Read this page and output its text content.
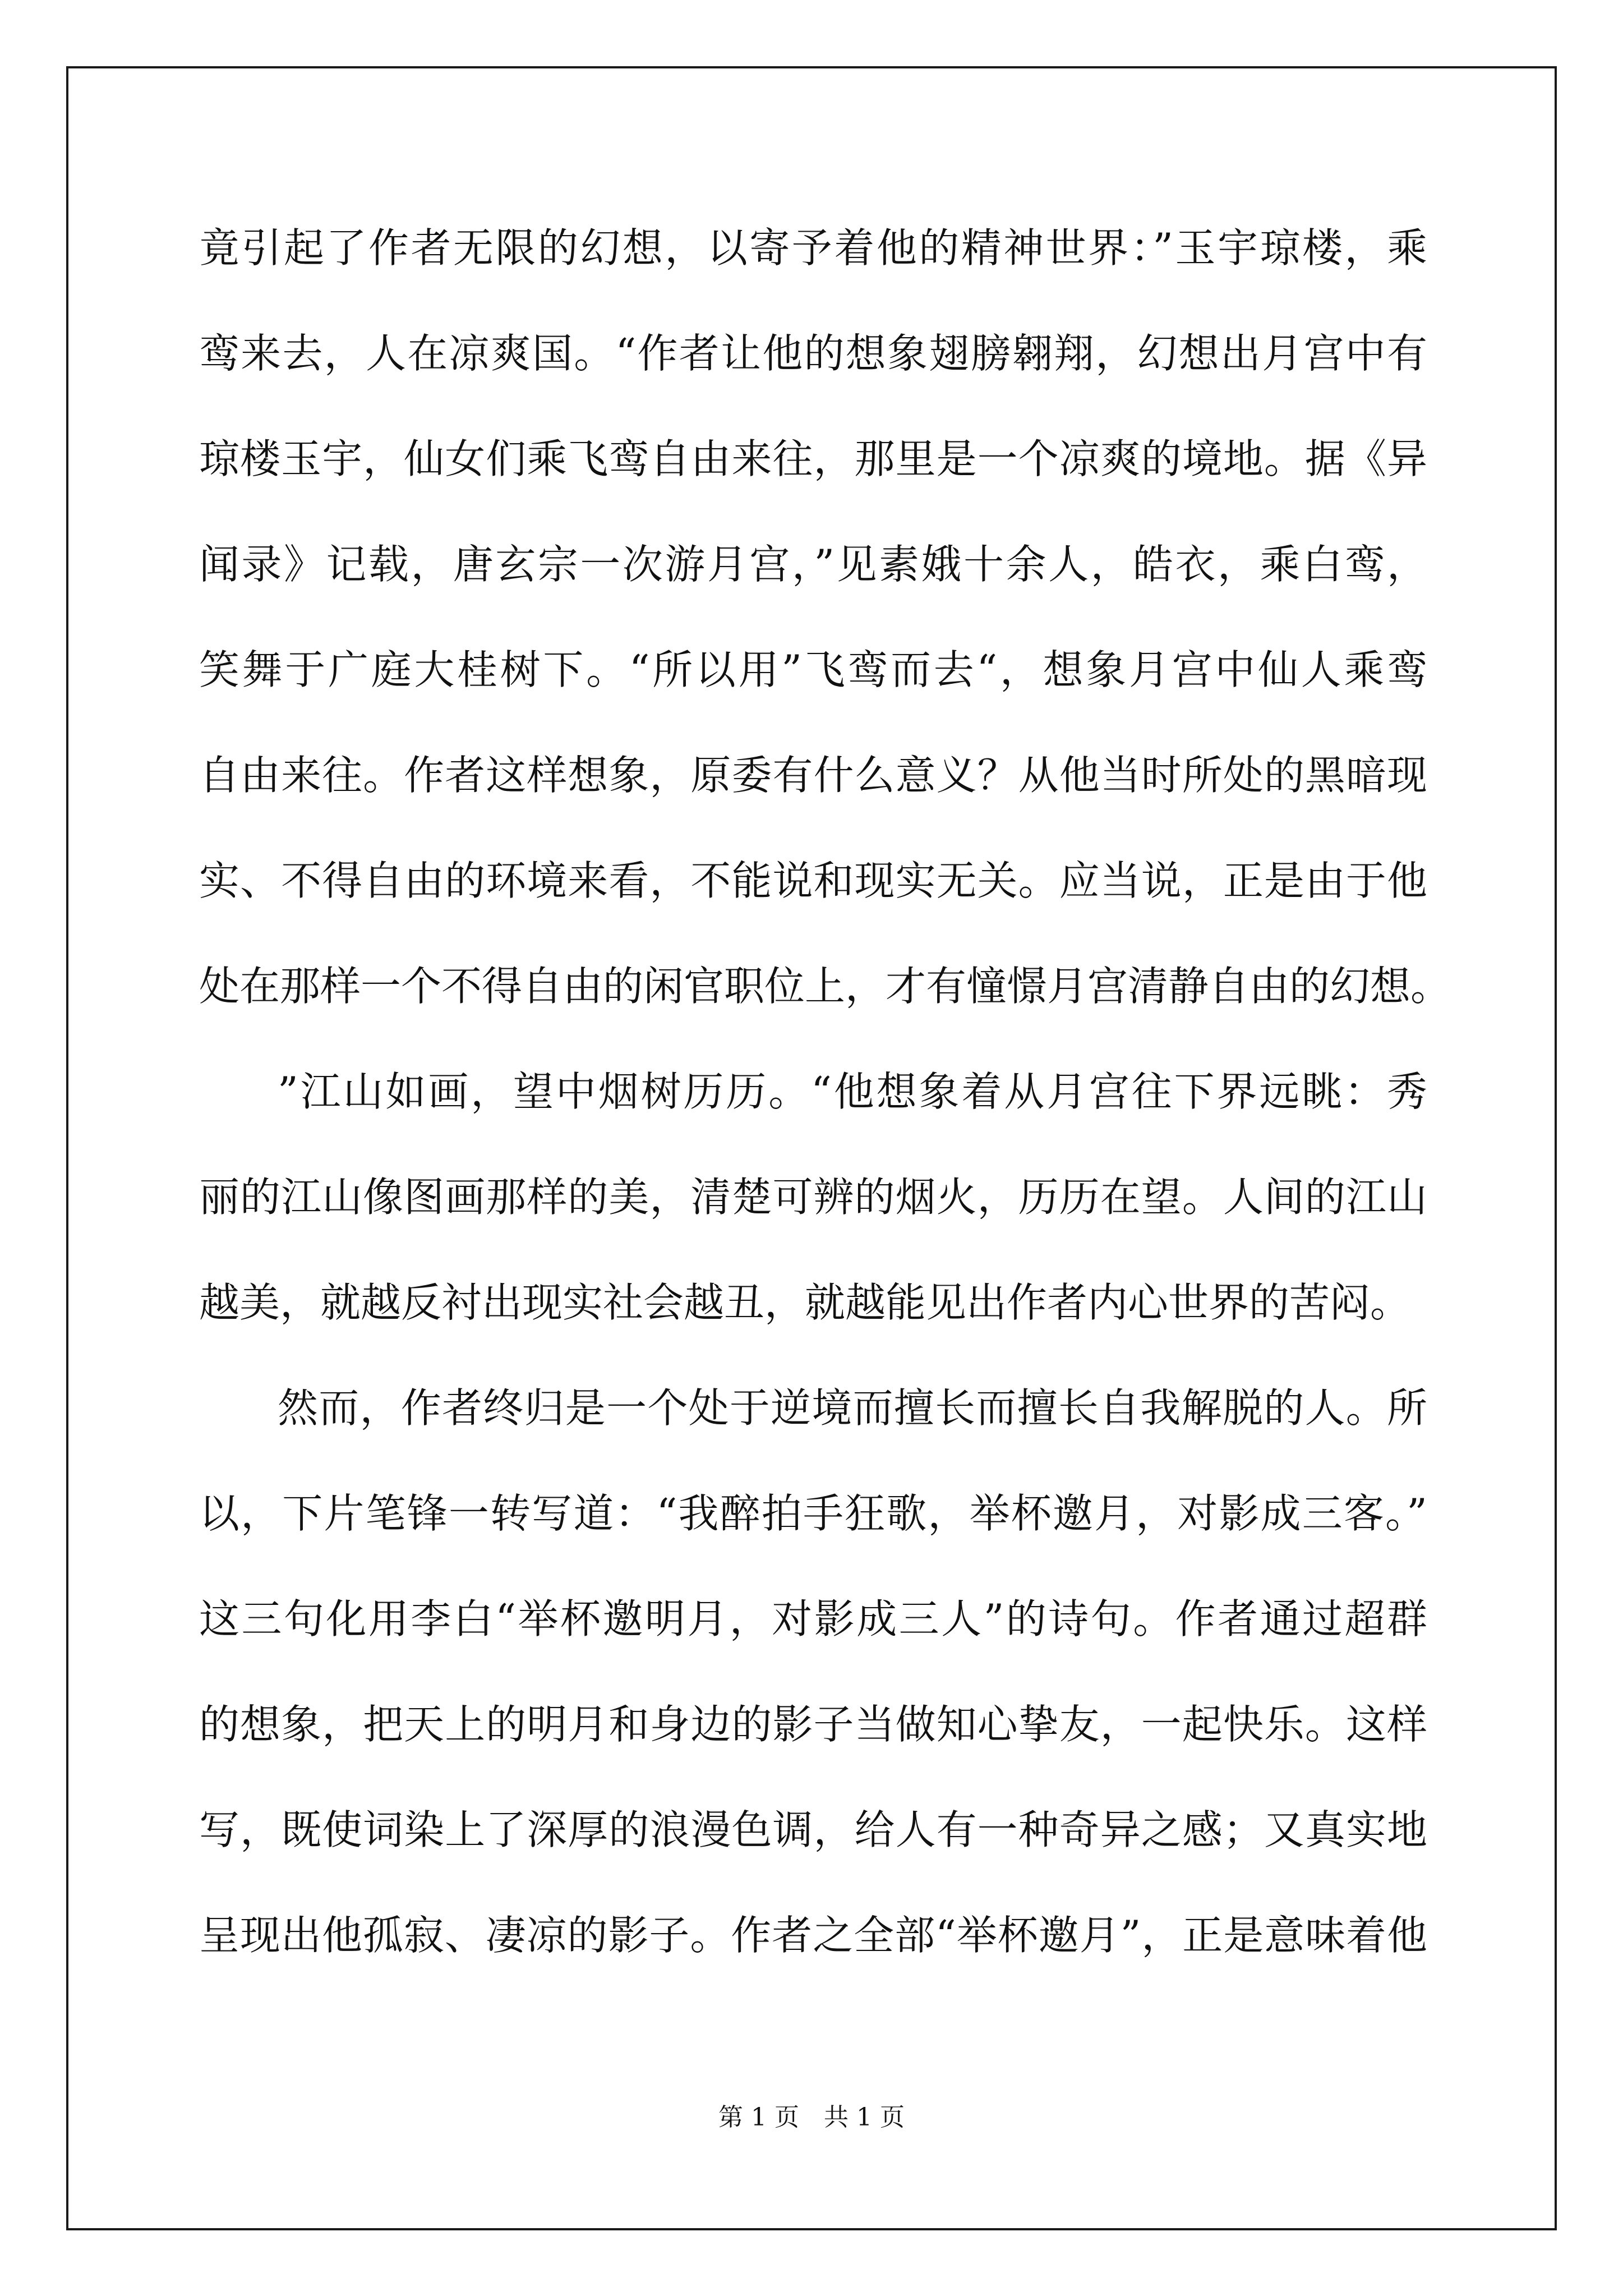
竟引起了作者无限的幻想，以寄予着他的精神世界：”玉宇琼楼，乘
鸾来去，人在凉爽国。“作者让他的想象翅膀翱翔，幻想出月宫中有
琼楼玉宇，仙女们乘飞鸾自由来往，那里是一个凉爽的境地。据《异
闻录》记载，唐玄宗一次游月宫，”见素娥十余人，皓衣，乘白鸾，
笑舞于广庭大桂树下。“所以用”飞鸾而去“，想象月宫中仙人乘鸾
自由来往。作者这样想象，原委有什么意义？从他当时所处的黑暗现
实、不得自由的环境来看，不能说和现实无关。应当说，正是由于他
处在那样一个不得自由的闲官职位上，才有憧憬月宫清静自由的幻想。
”江山如画，望中烟树历历。“他想象着从月宫往下界远眺：秀
丽的江山像图画那样的美，清楚可辨的烟火，历历在望。人间的江山
越美，就越反衬出现实社会越丑，就越能见出作者内心世界的苦闷。
然而，作者终归是一个处于逆境而擅长而擅长自我解脱的人。所
以，下片笔锋一转写道：“我醉拍手狂歌，举杯邀月，对影成三客。”
这三句化用李白“举杯邀明月，对影成三人”的诗句。作者通过超群
的想象，把天上的明月和身边的影子当做知心挚友，一起快乐。这样
写，既使词染上了深厚的浪漫色调，给人有一种奇异之感；又真实地
呈现出他孤寂、凄凉的影子。作者之全部“举杯邀月”，正是意味着他
第 1 页　共 1 页
